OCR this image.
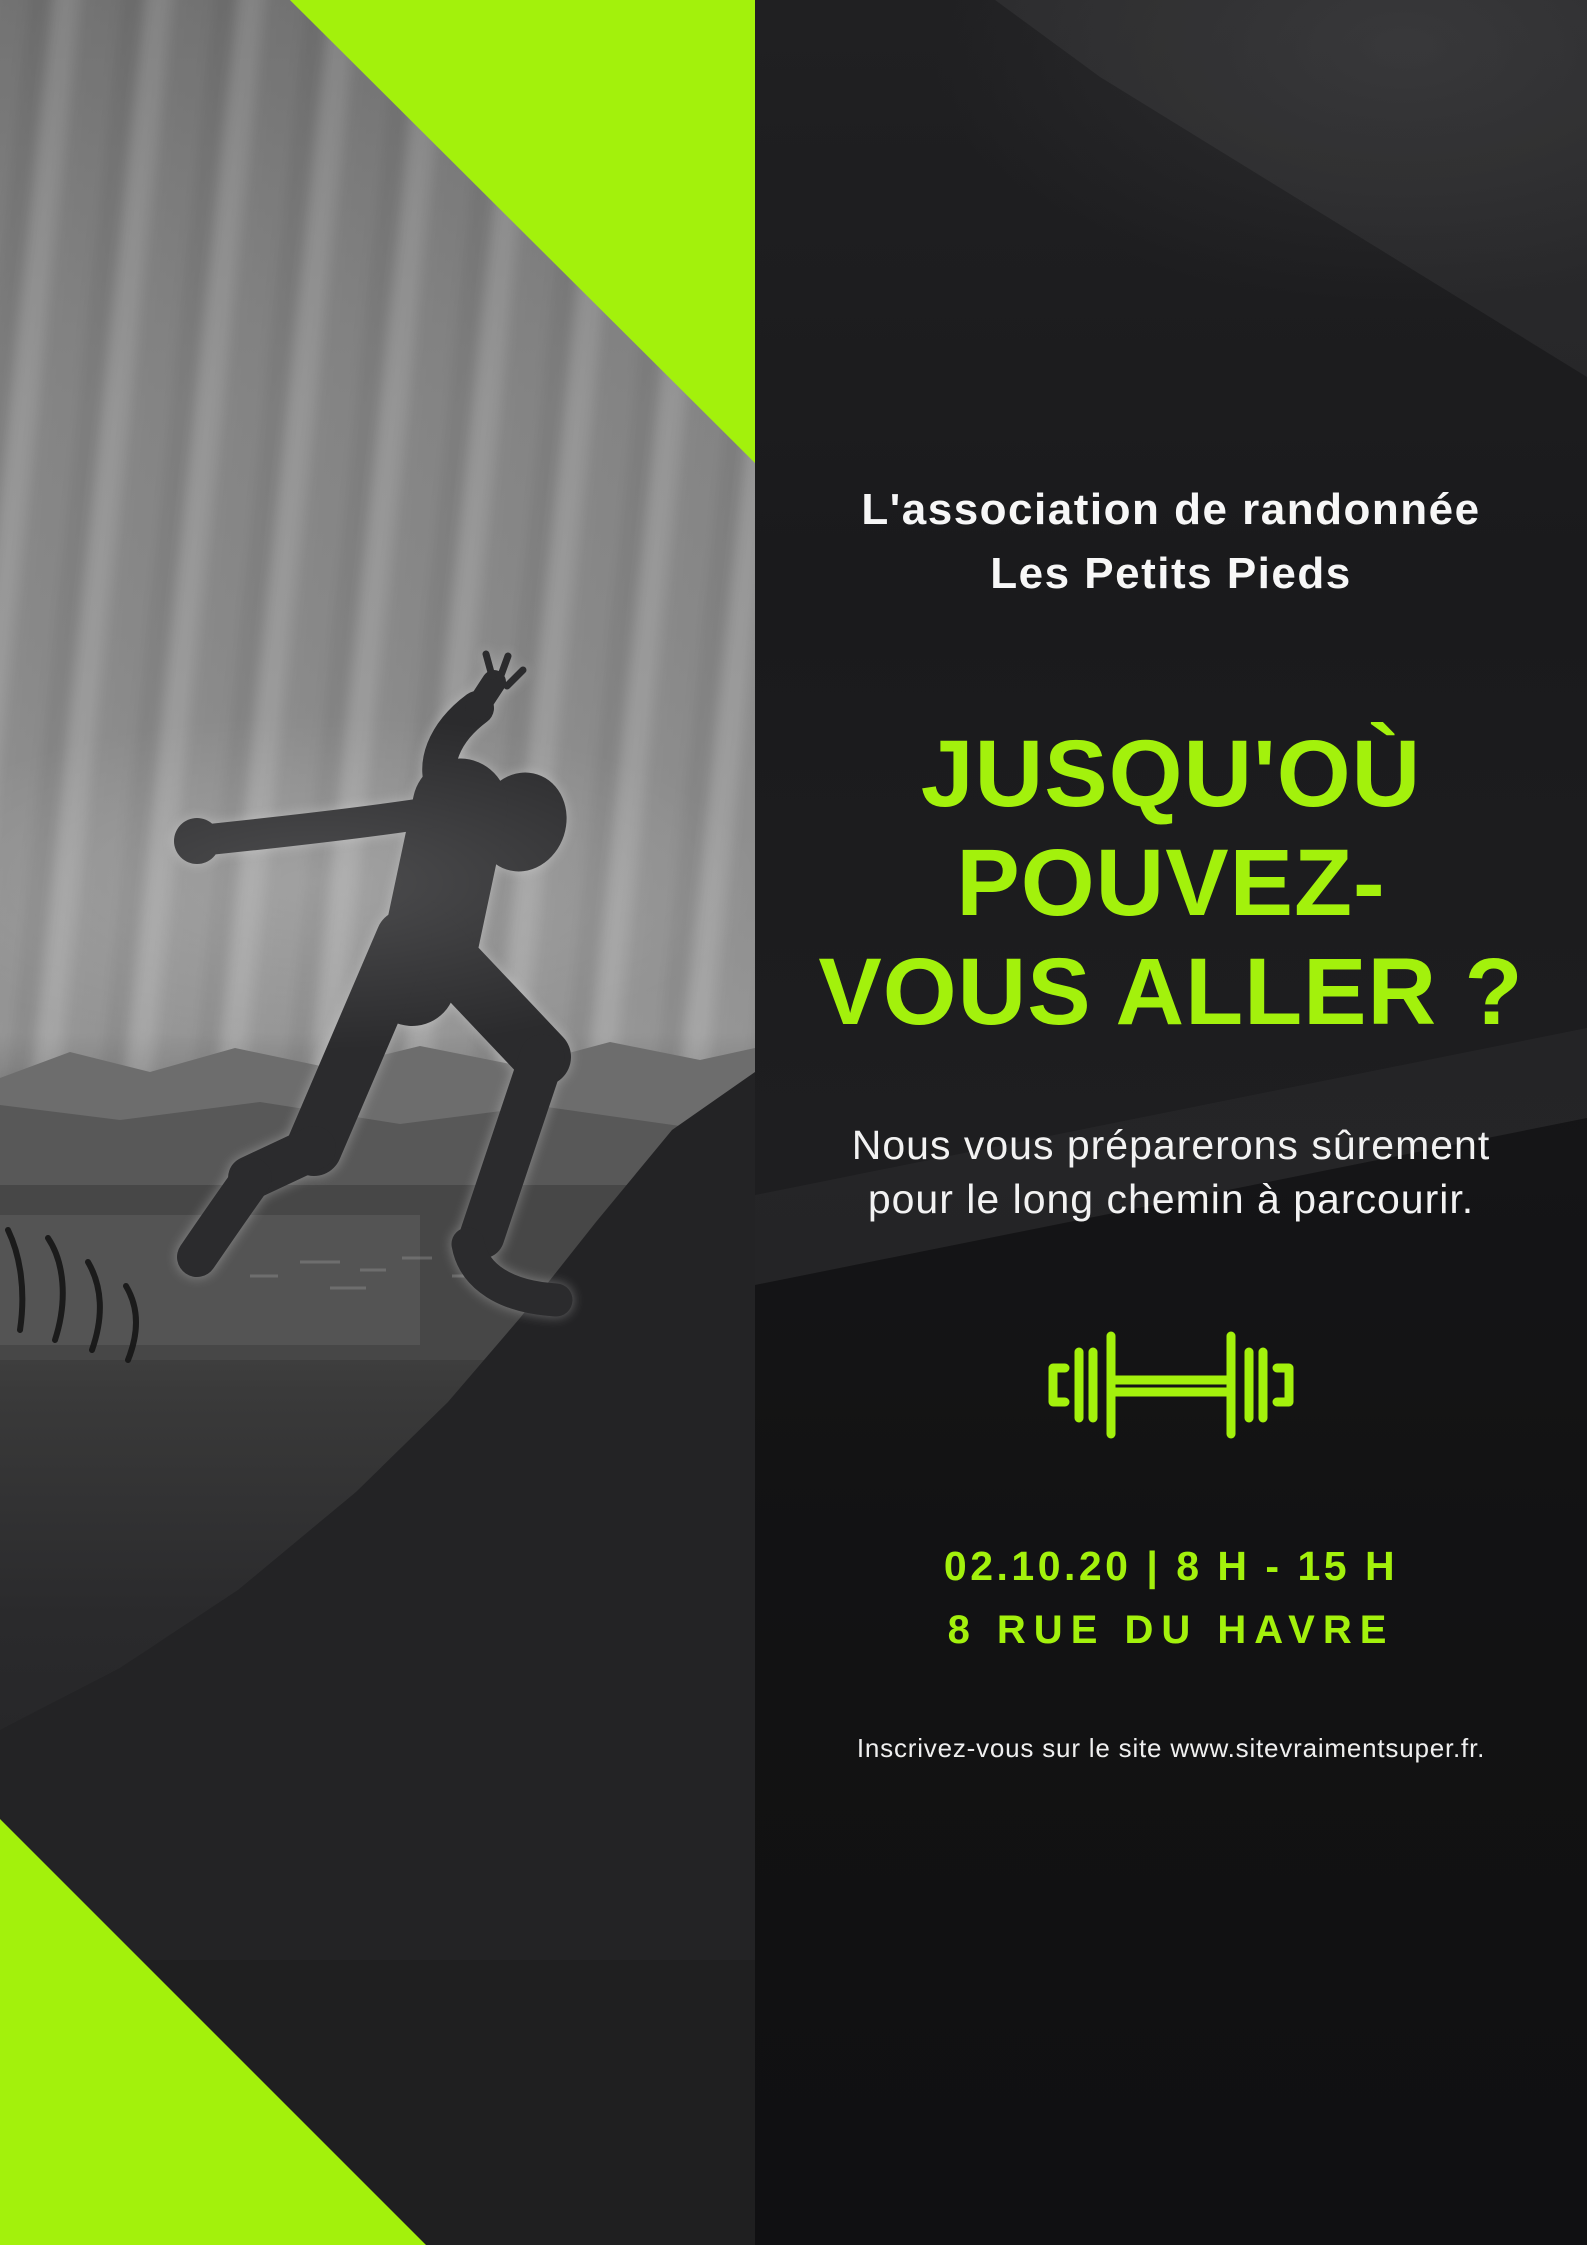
L'association de randonnée
Les Petits Pieds
JUSQU'OÙ
POUVEZ-
VOUS ALLER ?
Nous vous préparerons sûrement
pour le long chemin à parcourir.
02.10.20 | 8 H - 15 H
8 RUE DU HAVRE
Inscrivez-vous sur le site www.sitevraimentsuper.fr.
